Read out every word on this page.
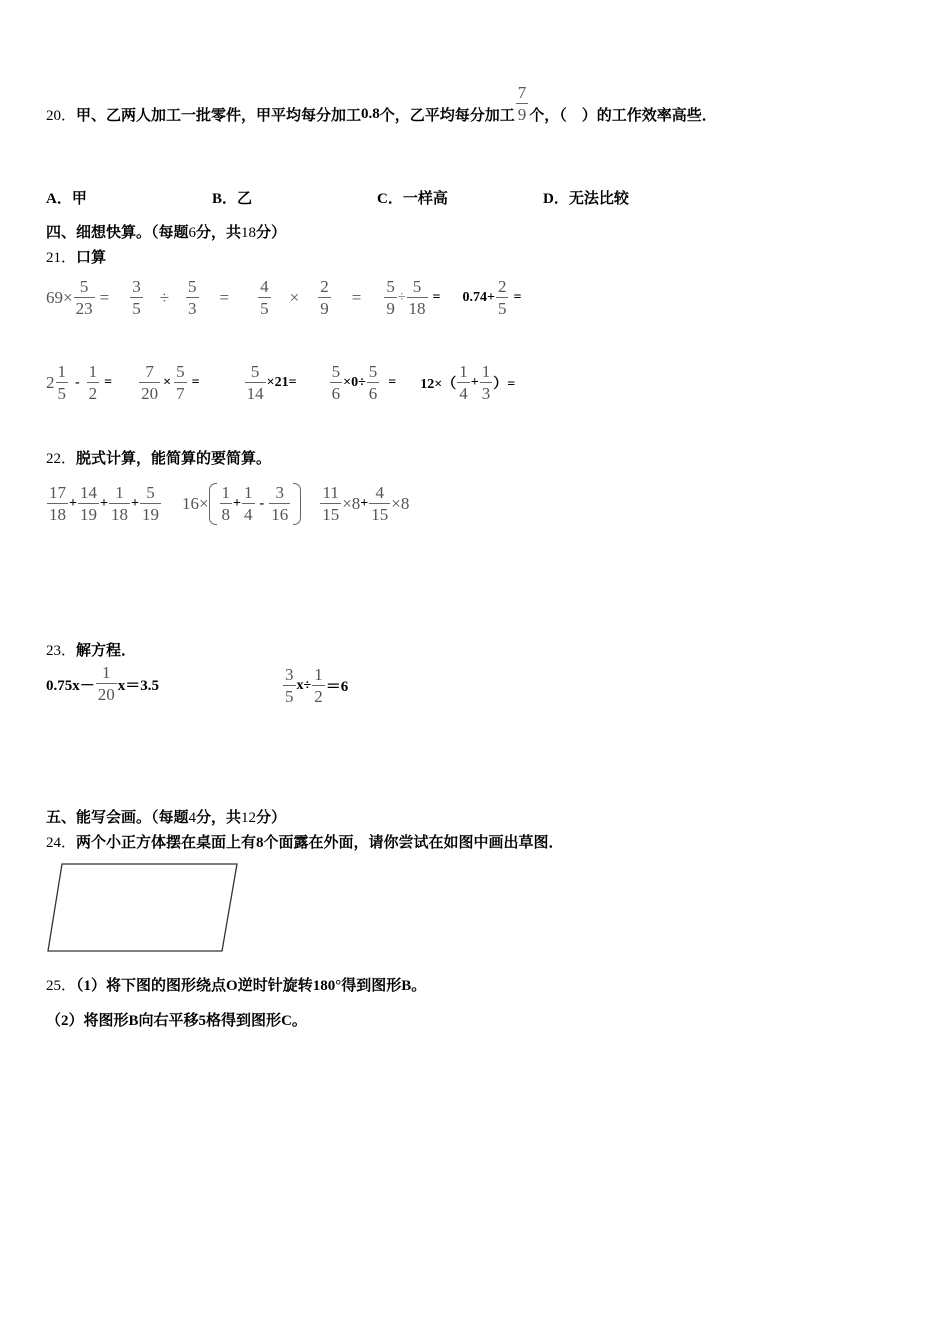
20． 甲、乙两人加工一批零件，甲平均每分加工 0.8 个，乙平均每分加工 $\frac{7}{9}$ 个，（　）的工作效率高些．
A．甲	B．乙	C．一样高	D．无法比较
四、细想快算。（每题6分，共18分）
21．口算
$69 \times \frac{5}{23} = \frac{3}{5} \div \frac{5}{3} = \frac{4}{5} \times \frac{2}{9} = \frac{5}{9} \div \frac{5}{18} = 0.74+ \frac{2}{5}$ =
$2 \frac{1}{5} - \frac{1}{2} = \frac{7}{20} \times \frac{5}{7}$ =	$\frac{5}{14} \times 21= \frac{5}{6} \times 0\div \frac{5}{6} = 12\times( \frac{1}{4} + \frac{1}{3}$ ）=
22．脱式计算，能简算的要简算。
$\frac{17}{18} + \frac{14}{19} + \frac{1}{18} + \frac{5}{19} 16\times \frac{1}{8} + \frac{1}{4} - \frac{3}{16} \frac{11}{15} \times 8 + \frac{4}{15} \times 8$
23．解方程．
$0.75x- \frac{1}{20} x=3.5$	$\frac{3}{5} x\div \frac{1}{2} =6$
五、能写会画。（每题4分，共12分）
24．两个小正方体摆在桌面上有8个面露在外面，请你尝试在如图中画出草图．
25．（1）将下图的图形绕点O逆时针旋转180°得到图形B。
（2）将图形B向右平移5格得到图形C。
